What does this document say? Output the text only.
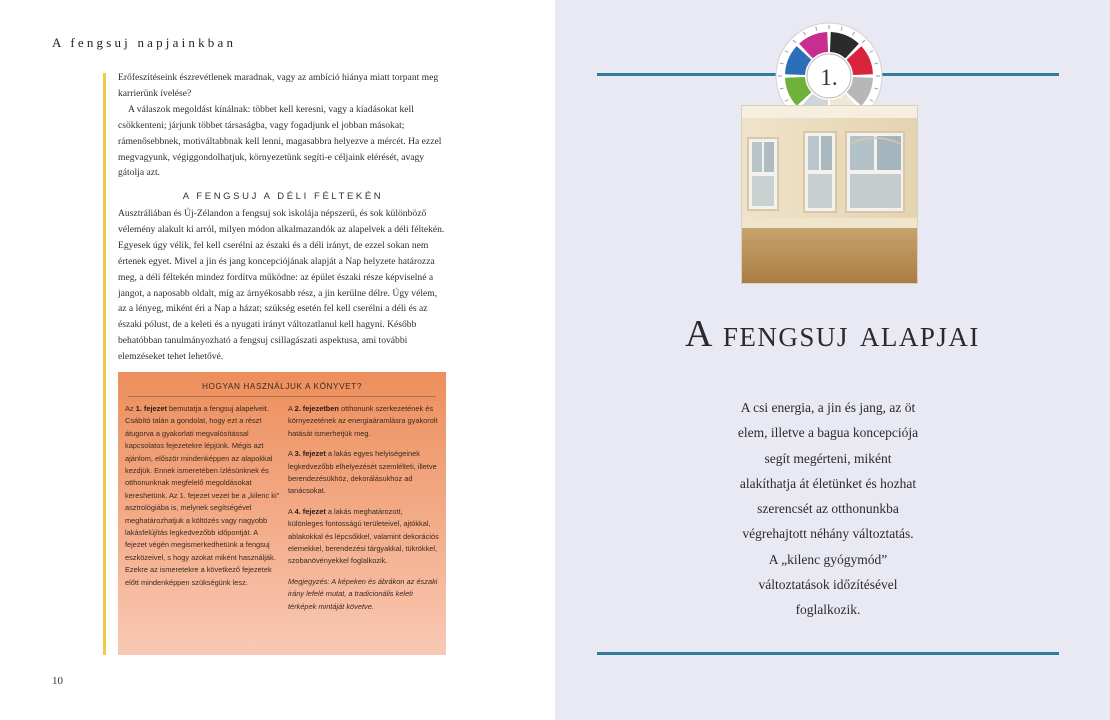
A fengsuj napjainkban

Erőfeszítéseink észrevétlenek maradnak, vagy az ambíció hiánya miatt torpant meg karrierünk ívelése?

A válaszok megoldást kínálnak: többet kell keresni, vagy a kiadásokat kell csökkenteni; járjunk többet társaságba, vagy fogadjunk el jobban másokat; rámenősebbnek, motiváltabbnak kell lenni, magasabbra helyezve a mércét. Ha ezzel megvagyunk, végiggondolhatjuk, környezetünk segíti-e céljaink elérését, avagy gátolja azt.

A FENGSUJ A DÉLI FÉLTEKÉN

Ausztráliában és Új-Zélandon a fengsuj sok iskolája népszerű, és sok különböző vélemény alakult ki arról, milyen módon alkalmazandók az alapelvek a déli féltekén. Egyesek úgy vélik, fel kell cserélni az északi és a déli irányt, de ezzel sokan nem értenek egyet. Mivel a jin és jang koncepciójának alapját a Nap helyzete határozza meg, a déli féltekén mindez fordítva működne: az épület északi része képviselné a jangot, a naposabb oldalt, míg az árnyékosabb rész, a jin kerülne délre. Úgy vélem, az a lényeg, miként éri a Nap a házat; szükség esetén fel kell cserélni a déli és az északi pólust, de a keleti és a nyugati irányt változatlanul kell hagyni. Később behatóbban tanulmányozható a fengsuj csillagászati aspektusa, ami további elemzéseket tehet lehetővé.

HOGYAN HASZNÁLJUK A KÖNYVET?

Az 1. fejezet bemutatja a fengsuj alapelveit. Csábító talán a gondolat, hogy ezt a részt átugorva a gyakorlati megvalósítással kapcsolatos fejezetekre lépjünk. Mégis azt ajánlom, először mindenképpen az alapokkal kezdjük. Ennek ismeretében ízlésünknek és otthonunknak megfelelő megoldásokat kereshetünk. Az 1. fejezet vezet be a „kilenc ki” asztrológiába is, melynek segítségével meghatározhatjuk a költözés vagy nagyobb lakásfelújítás legkedvezőbb időpontját. A fejezet végén megismerkedhetünk a fengsuj eszközeivel, s hogy azokat miként használják. Ezekre az ismeretekre a következő fejezetek előtt mindenképpen szükségünk lesz.

A 2. fejezetben otthonunk szerkezetének és környezetének az energiaáramlásra gyakorolt hatását ismerhetjük meg.

A 3. fejezet a lakás egyes helyiségeinek legkedvezőbb elhelyezését szemlélteti, illetve berendezésükhöz, dekorálásukhoz ad tanácsokat.

A 4. fejezet a lakás meghatározott, különleges fontosságú területeivel, ajtókkal, ablakokkal és lépcsőkkel, valamint dekorációs elemekkel, berendezési tárgyakkal, tükrökkel, szobanövényekkel foglalkozik.

Megjegyzés: A képeken és ábrákon az északi irány lefelé mutat, a tradicionális keleti térképek mintáját követve.

10
1.
A fengsuj alapjai
A csi energia, a jin és jang, az öt
elem, illetve a bagua koncepciója
segít megérteni, miként
alakíthatja át életünket és hozhat
szerencsét az otthonunkba
végrehajtott néhány változtatás.
A „kilenc gyógymód”
változtatások időzítésével
foglalkozik.
